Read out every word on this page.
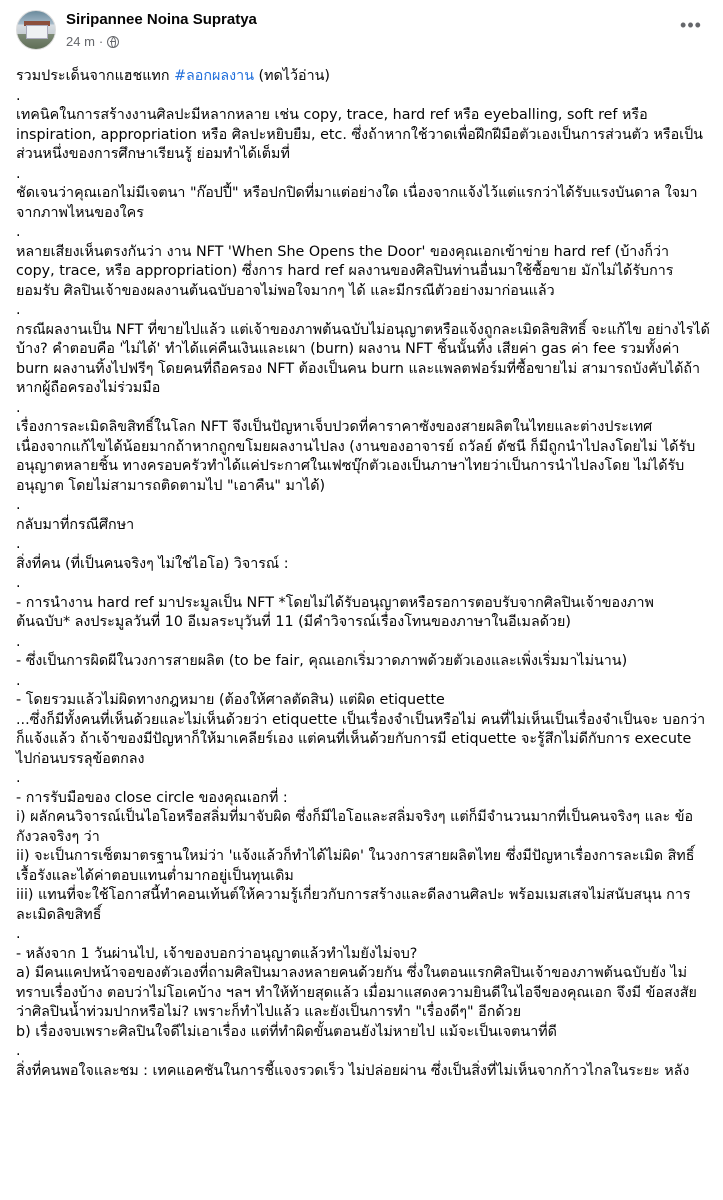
Siripannee Noina Supratya
24 m ·
•••
รวมประเด็นจากแฮชแทก #ลอกผลงาน (ทดไว้อ่าน)
.
เทคนิคในการสร้างงานศิลปะมีหลากหลาย เช่น copy, trace, hard ref หรือ eyeballing, soft ref หรือ inspiration, appropriation หรือ ศิลปะหยิบยืม, etc. ซึ่งถ้าหากใช้วาดเพื่อฝึกฝีมือตัวเองเป็นการส่วนตัว หรือเป็นส่วนหนึ่งของการศึกษาเรียนรู้ ย่อมทำได้เต็มที่
.
ชัดเจนว่าคุณเอกไม่มีเจตนา "ก๊อปปี้" หรือปกปิดที่มาแต่อย่างใด เนื่องจากแจ้งไว้แต่แรกว่าได้รับแรงบันดาล ใจมาจากภาพไหนของใคร
.
หลายเสียงเห็นตรงกันว่า งาน NFT 'When She Opens the Door' ของคุณเอกเข้าข่าย hard ref (บ้างก็ว่า copy, trace, หรือ appropriation) ซึ่งการ hard ref ผลงานของศิลปินท่านอื่นมาใช้ซื้อขาย มักไม่ได้รับการ ยอมรับ ศิลปินเจ้าของผลงานต้นฉบับอาจไม่พอใจมากๆ ได้ และมีกรณีตัวอย่างมาก่อนแล้ว
.
กรณีผลงานเป็น NFT ที่ขายไปแล้ว แต่เจ้าของภาพต้นฉบับไม่อนุญาตหรือแจ้งถูกละเมิดลิขสิทธิ์ จะแก้ไข อย่างไรได้บ้าง? คำตอบคือ 'ไม่ได้' ทำได้แค่คืนเงินและเผา (burn) ผลงาน NFT ชิ้นนั้นทิ้ง เสียค่า gas ค่า fee รวมทั้งค่า burn ผลงานทิ้งไปฟรีๆ โดยคนที่ถือครอง NFT ต้องเป็นคน burn และแพลตฟอร์มที่ซื้อขายไม่ สามารถบังคับได้ถ้าหากผู้ถือครองไม่ร่วมมือ
.
เรื่องการละเมิดลิขสิทธิ์ในโลก NFT จึงเป็นปัญหาเจ็บปวดที่คาราคาซังของสายผลิตในไทยและต่างประเทศ เนื่องจากแก้ไขได้น้อยมากถ้าหากถูกขโมยผลงานไปลง (งานของอาจารย์ ถวัลย์ ดัชนี ก็มีถูกนำไปลงโดยไม่ ได้รับอนุญาตหลายชิ้น ทางครอบครัวทำได้แค่ประกาศในเฟซบุ๊กตัวเองเป็นภาษาไทยว่าเป็นการนำไปลงโดย ไม่ได้รับอนุญาต โดยไม่สามารถติดตามไป "เอาคืน" มาได้)
.
กลับมาที่กรณีศึกษา
.
สิ่งที่คน (ที่เป็นคนจริงๆ ไม่ใช่ไอโอ) วิจารณ์ :
.
- การนำงาน hard ref มาประมูลเป็น NFT *โดยไม่ได้รับอนุญาตหรือรอการตอบรับจากศิลปินเจ้าของภาพ ต้นฉบับ* ลงประมูลวันที่ 10 อีเมลระบุวันที่ 11 (มีคำวิจารณ์เรื่องโทนของภาษาในอีเมลด้วย)
.
- ซึ่งเป็นการผิดผีในวงการสายผลิต (to be fair, คุณเอกเริ่มวาดภาพด้วยตัวเองและเพิ่งเริ่มมาไม่นาน)
.
- โดยรวมแล้วไม่ผิดทางกฎหมาย (ต้องให้ศาลตัดสิน) แต่ผิด etiquette
...ซึ่งก็มีทั้งคนที่เห็นด้วยและไม่เห็นด้วยว่า etiquette เป็นเรื่องจำเป็นหรือไม่ คนที่ไม่เห็นเป็นเรื่องจำเป็นจะ บอกว่าก็แจ้งแล้ว ถ้าเจ้าของมีปัญหาก็ให้มาเคลียร์เอง แต่คนที่เห็นด้วยกับการมี etiquette จะรู้สึกไม่ดีกับการ execute ไปก่อนบรรลุข้อตกลง
.
- การรับมือของ close circle ของคุณเอกที่ :
i) ผลักคนวิจารณ์เป็นไอโอหรือสลิ่มที่มาจับผิด ซึ่งก็มีไอโอและสลิ่มจริงๆ แต่ก็มีจำนวนมากที่เป็นคนจริงๆ และ ข้อกังวลจริงๆ ว่า
ii) จะเป็นการเซ็ตมาตรฐานใหม่ว่า 'แจ้งแล้วก็ทำได้ไม่ผิด' ในวงการสายผลิตไทย ซึ่งมีปัญหาเรื่องการละเมิด สิทธิ์เรื้อรังและได้ค่าตอบแทนต่ำมากอยู่เป็นทุนเดิม
iii) แทนที่จะใช้โอกาสนี้ทำคอนเท้นต์ให้ความรู้เกี่ยวกับการสร้างและดีลงานศิลปะ พร้อมเมสเสจไม่สนับสนุน การละเมิดลิขสิทธิ์
.
- หลังจาก 1 วันผ่านไป, เจ้าของบอกว่าอนุญาตแล้วทำไมยังไม่จบ?
a) มีคนแคปหน้าจอของตัวเองที่ถามศิลปินมาลงหลายคนด้วยกัน ซึ่งในตอนแรกศิลปินเจ้าของภาพต้นฉบับยัง ไม่ทราบเรื่องบ้าง ตอบว่าไม่โอเคบ้าง ฯลฯ ทำให้ท้ายสุดแล้ว เมื่อมาแสดงความยินดีในไอจีของคุณเอก จึงมี ข้อสงสัยว่าศิลปินน้ำท่วมปากหรือไม่? เพราะก็ทำไปแล้ว และยังเป็นการทำ "เรื่องดีๆ" อีกด้วย
b) เรื่องจบเพราะศิลปินใจดีไม่เอาเรื่อง แต่ที่ทำผิดขั้นตอนยังไม่หายไป แม้จะเป็นเจตนาที่ดี
.
สิ่งที่คนพอใจและชม : เทคแอคชันในการชี้แจงรวดเร็ว ไม่ปล่อยผ่าน ซึ่งเป็นสิ่งที่ไม่เห็นจากก้าวไกลในระยะ หลัง
